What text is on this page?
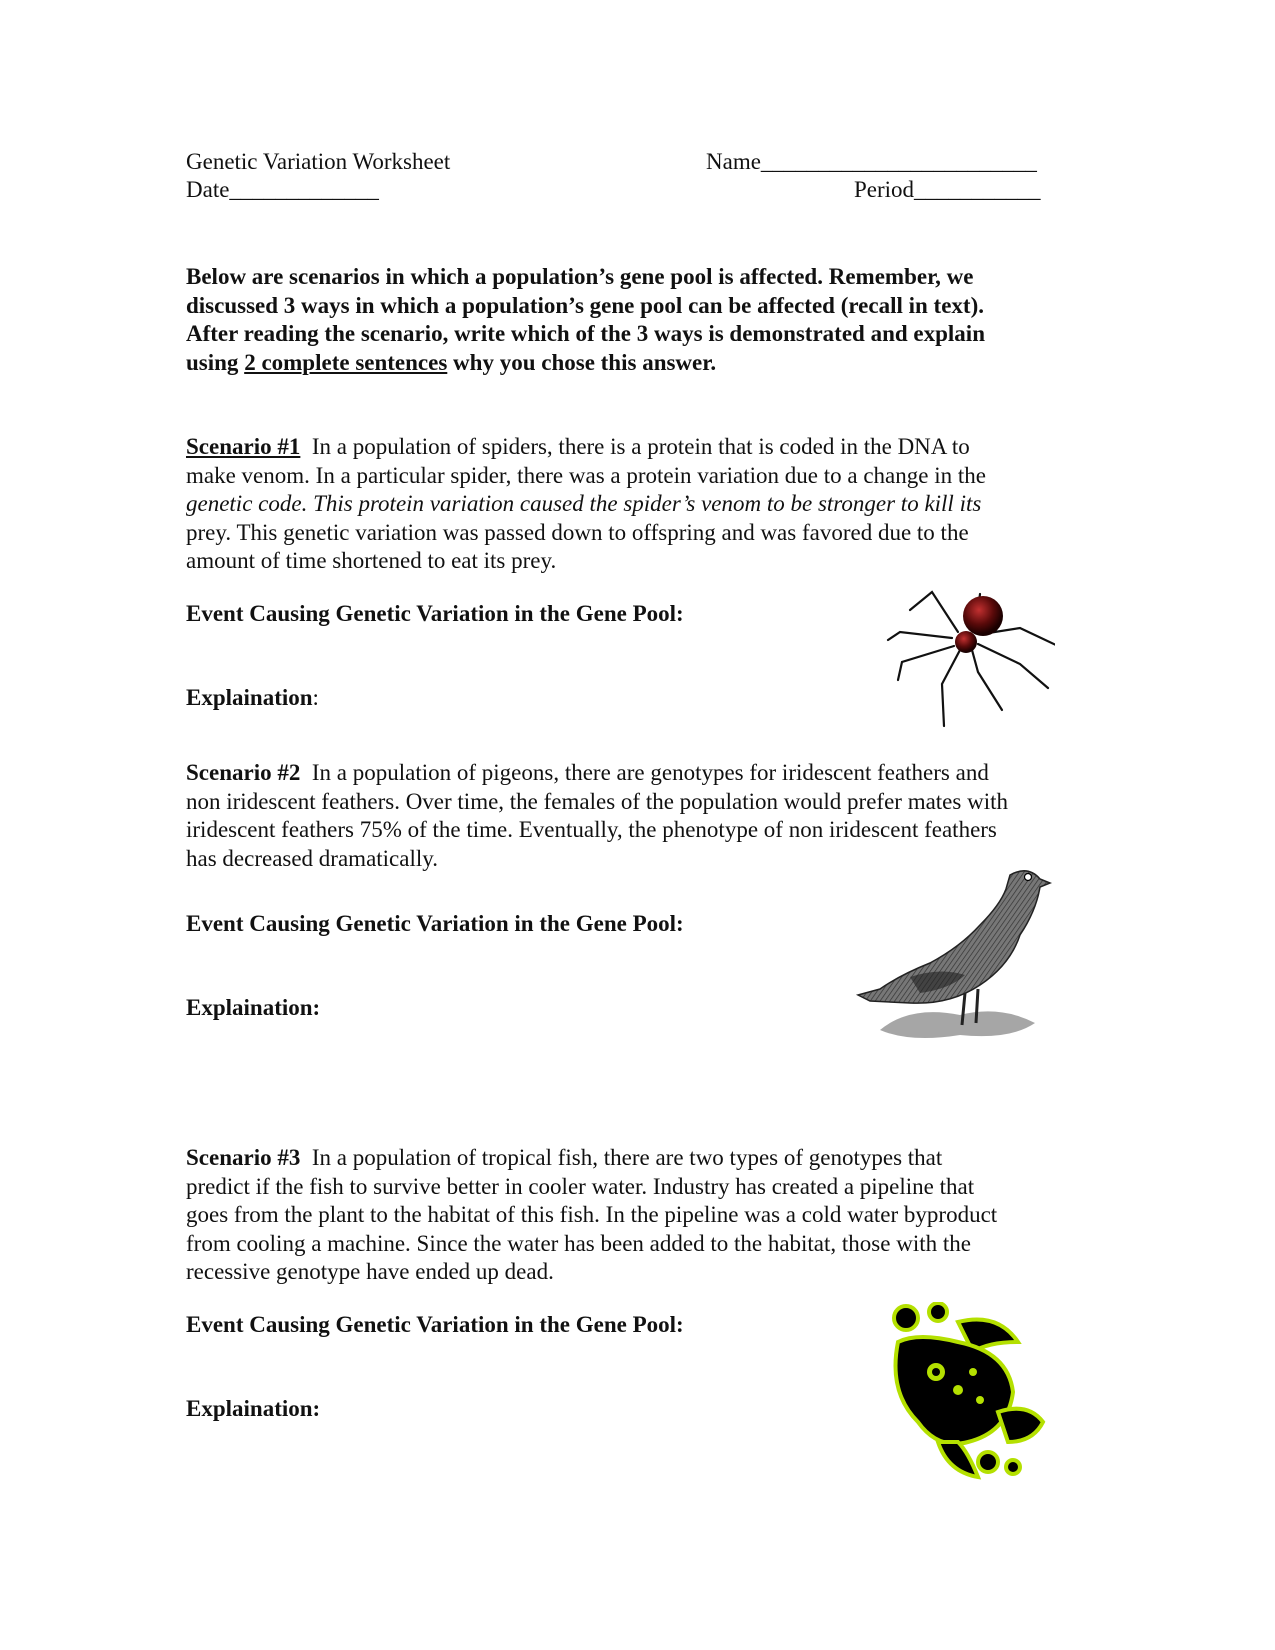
Genetic Variation Worksheet	Name________________________
Date_____________	Period___________
Below are scenarios in which a population’s gene pool is affected. Remember, we
discussed 3 ways in which a population’s gene pool can be affected (recall in text).
After reading the scenario, write which of the 3 ways is demonstrated and explain
using 2 complete sentences why you chose this answer.
Scenario #1  In a population of spiders, there is a protein that is coded in the DNA to
make venom. In a particular spider, there was a protein variation due to a change in the
genetic code. This protein variation caused the spider’s venom to be stronger to kill its
prey. This genetic variation was passed down to offspring and was favored due to the
amount of time shortened to eat its prey.
Event Causing Genetic Variation in the Gene Pool:
Explaination:
Scenario #2  In a population of pigeons, there are genotypes for iridescent feathers and
non iridescent feathers. Over time, the females of the population would prefer mates with
iridescent feathers 75% of the time. Eventually, the phenotype of non iridescent feathers
has decreased dramatically.
Event Causing Genetic Variation in the Gene Pool:
Explaination:
Scenario #3  In a population of tropical fish, there are two types of genotypes that
predict if the fish to survive better in cooler water. Industry has created a pipeline that
goes from the plant to the habitat of this fish. In the pipeline was a cold water byproduct
from cooling a machine. Since the water has been added to the habitat, those with the
recessive genotype have ended up dead.
Event Causing Genetic Variation in the Gene Pool:
Explaination:
